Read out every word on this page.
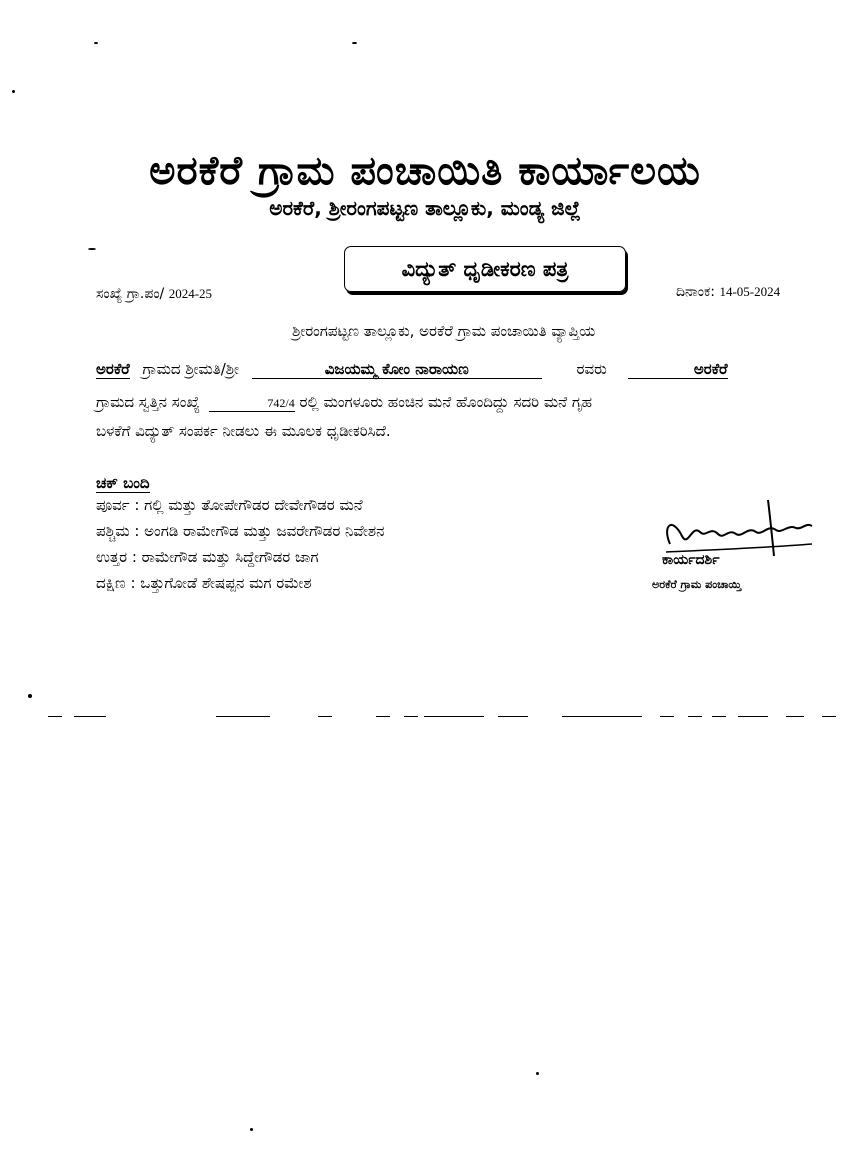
ಅರಕೆರೆ ಗ್ರಾಮ ಪಂಚಾಯಿತಿ ಕಾರ್ಯಾಲಯ
ಅರಕೆರೆ, ಶ್ರೀರಂಗಪಟ್ಟಣ ತಾಲ್ಲೂಕು, ಮಂಡ್ಯ ಜಿಲ್ಲೆ
ವಿದ್ಯುತ್ ಧೃಡೀಕರಣ ಪತ್ರ
ಸಂಖ್ಯೆ ಗ್ರಾ.ಪಂ/ 2024-25	ದಿನಾಂಕ: 14-05-2024
ಶ್ರೀರಂಗಪಟ್ಟಣ ತಾಲ್ಲೂಕು, ಅರಕೆರೆ ಗ್ರಾಮ ಪಂಚಾಯಿತಿ ವ್ಯಾಪ್ತಿಯ
ಅರಕೆರೆ ಗ್ರಾಮದ ಶ್ರೀಮತಿ/ಶ್ರೀ	ವಿಜಯಮ್ಮ ಕೋಂ ನಾರಾಯಣ	ರವರು	ಅರಕೆರೆ
ಗ್ರಾಮದ ಸ್ವತ್ತಿನ ಸಂಖ್ಯೆ	742/4 ರಲ್ಲಿ ಮಂಗಳೂರು ಹಂಚಿನ ಮನೆ ಹೊಂದಿದ್ದು ಸದರಿ ಮನೆ ಗೃಹ
ಬಳಕೆಗೆ ವಿದ್ಯುತ್ ಸಂಪರ್ಕ ನೀಡಲು ಈ ಮೂಲಕ ಧೃಡೀಕರಿಸಿದೆ.
ಚಕ್ ಬಂದಿ
ಪೂರ್ವ : ಗಲ್ಲಿ ಮತ್ತು ತೋಪೇಗೌಡರ ದೇವೇಗೌಡರ ಮನೆ
ಪಶ್ಚಿಮ : ಅಂಗಡಿ ರಾಮೇಗೌಡ ಮತ್ತು ಜವರೇಗೌಡರ ನಿವೇಶನ
ಉತ್ತರ : ರಾಮೇಗೌಡ ಮತ್ತು ಸಿದ್ದೇಗೌಡರ ಜಾಗ
ದಕ್ಷಿಣ : ಒತ್ತುಗೋಡೆ ಶೇಷಪ್ಪನ ಮಗ ರಮೇಶ
ಕಾರ್ಯದರ್ಶಿ
ಅರಕೆರೆ ಗ್ರಾಮ ಪಂಚಾಯ್ತಿ
